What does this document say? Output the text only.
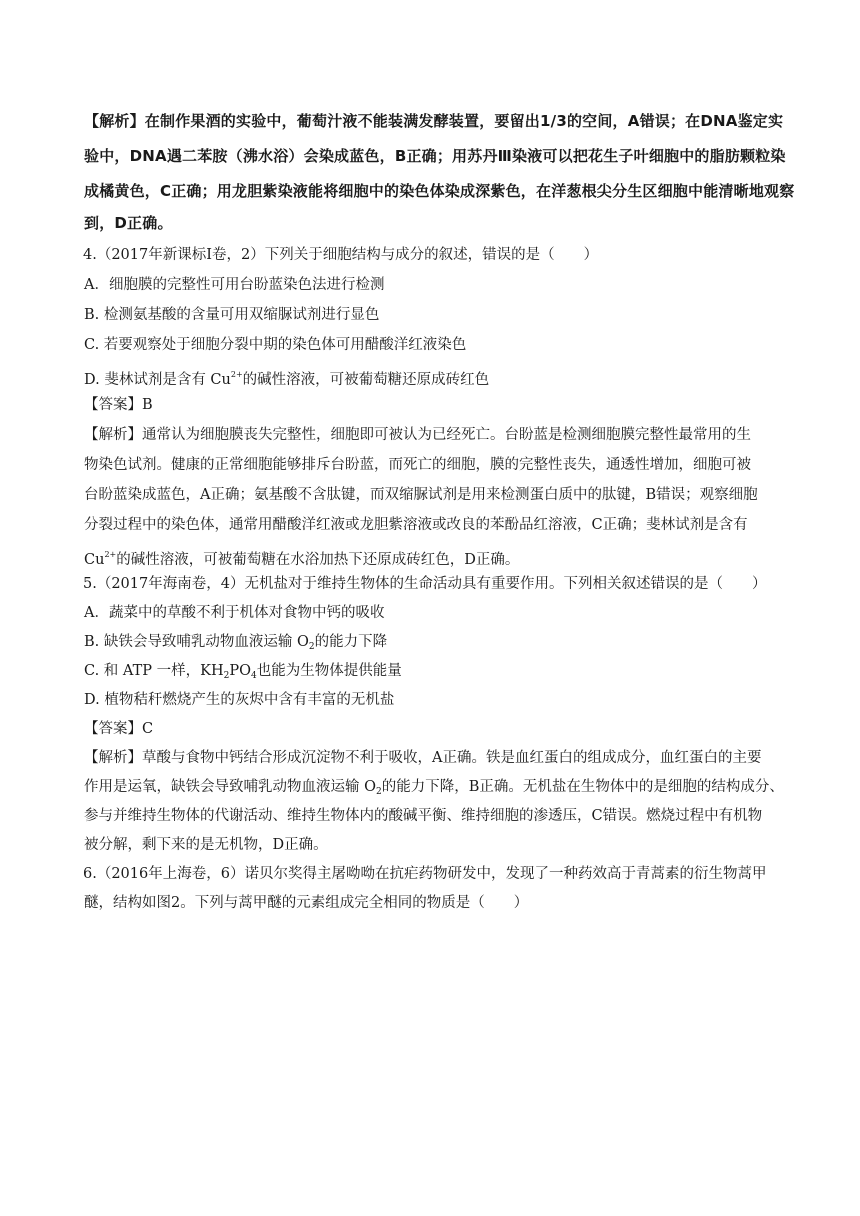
【解析】在制作果酒的实验中，葡萄汁液不能装满发酵装置，要留出1/3的空间，A错误；在DNA鉴定实
验中，DNA遇二苯胺（沸水浴）会染成蓝色，B正确；用苏丹Ⅲ染液可以把花生子叶细胞中的脂肪颗粒染
成橘黄色，C正确；用龙胆紫染液能将细胞中的染色体染成深紫色，在洋葱根尖分生区细胞中能清晰地观察
到，D正确。
4.（2017年新课标Ⅰ卷，2）下列关于细胞结构与成分的叙述，错误的是（　　）
A．细胞膜的完整性可用台盼蓝染色法进行检测
B. 检测氨基酸的含量可用双缩脲试剂进行显色
C. 若要观察处于细胞分裂中期的染色体可用醋酸洋红液染色
D. 斐林试剂是含有 $Cu^{2+}$的碱性溶液，可被葡萄糖还原成砖红色
【答案】B
【解析】通常认为细胞膜丧失完整性，细胞即可被认为已经死亡。台盼蓝是检测细胞膜完整性最常用的生
物染色试剂。健康的正常细胞能够排斥台盼蓝，而死亡的细胞，膜的完整性丧失，通透性增加，细胞可被
台盼蓝染成蓝色，A正确；氨基酸不含肽键，而双缩脲试剂是用来检测蛋白质中的肽键，B错误；观察细胞
分裂过程中的染色体，通常用醋酸洋红液或龙胆紫溶液或改良的苯酚品红溶液，C正确；斐林试剂是含有
$Cu^{2+}$的碱性溶液，可被葡萄糖在水浴加热下还原成砖红色，D正确。
5.（2017年海南卷，4）无机盐对于维持生物体的生命活动具有重要作用。下列相关叙述错误的是（　　）
A．蔬菜中的草酸不利于机体对食物中钙的吸收
B. 缺铁会导致哺乳动物血液运输 $O_2$的能力下降
C. 和 ATP 一样，$KH_2PO_4$也能为生物体提供能量
D. 植物秸秆燃烧产生的灰烬中含有丰富的无机盐
【答案】C
【解析】草酸与食物中钙结合形成沉淀物不利于吸收，A正确。铁是血红蛋白的组成成分，血红蛋白的主要
作用是运氧，缺铁会导致哺乳动物血液运输 $O_2$的能力下降，B正确。无机盐在生物体中的是细胞的结构成分、
参与并维持生物体的代谢活动、维持生物体内的酸碱平衡、维持细胞的渗透压，C错误。燃烧过程中有机物
被分解，剩下来的是无机物，D正确。
6.（2016年上海卷，6）诺贝尔奖得主屠呦呦在抗疟药物研发中，发现了一种药效高于青蒿素的衍生物蒿甲
醚，结构如图2。下列与蒿甲醚的元素组成完全相同的物质是（　　）
